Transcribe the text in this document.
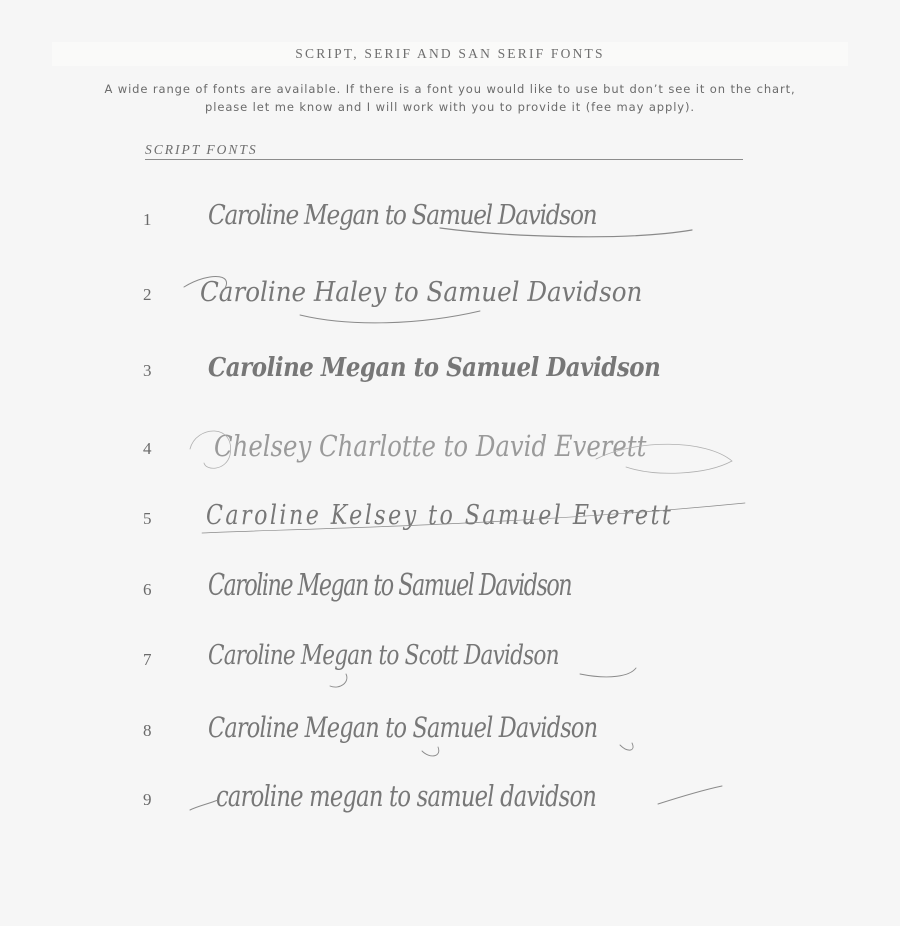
SCRIPT, SERIF AND SAN SERIF FONTS
A wide range of fonts are available. If there is a font you would like to use but don’t see it on the chart,
please let me know and I will work with you to provide it (fee may apply).
SCRIPT FONTS
1 Caroline Megan to Samuel Davidson
2 Caroline Haley to Samuel Davidson
3 Caroline Megan to Samuel Davidson
4 Chelsey Charlotte to David Everett
5 Caroline Kelsey to Samuel Everett
6 Caroline Megan to Samuel Davidson
7 Caroline Megan to Scott Davidson
8 Caroline Megan to Samuel Davidson
9 caroline megan to samuel davidson
